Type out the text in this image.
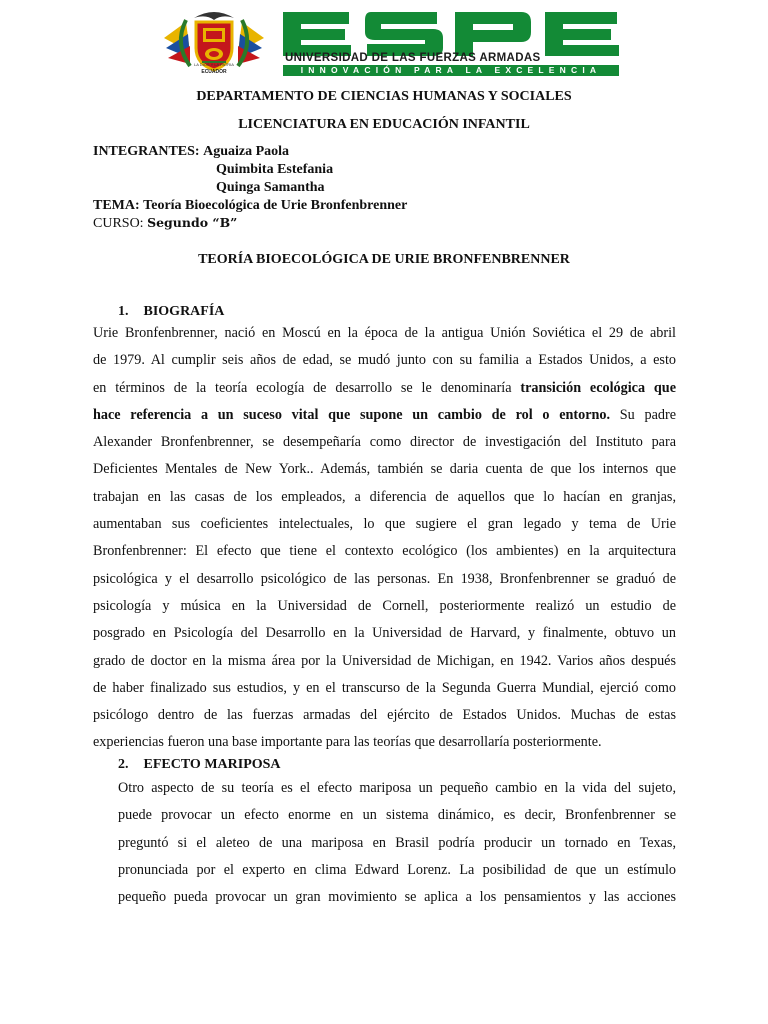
LA DIOS Y LA PATRIA
ECUADOR
UNIVERSIDAD DE LAS FUERZAS ARMADAS
INNOVACIÓN PARA LA EXCELENCIA
DEPARTAMENTO DE CIENCIAS HUMANAS Y SOCIALES
LICENCIATURA EN EDUCACIÓN INFANTIL
INTEGRANTES: Aguaiza Paola
Quimbita Estefania
Quinga Samantha
TEMA: Teoría Bioecológica de Urie Bronfenbrenner
CURSO: Segundo “B”
TEORÍA BIOECOLÓGICA DE URIE BRONFENBRENNER
1. BIOGRAFÍA
Urie Bronfenbrenner, nació en Moscú en la época de la antigua Unión Soviética el 29 de abril
de 1979. Al cumplir seis años de edad, se mudó junto con su familia a Estados Unidos, a esto
en términos de la teoría ecología de desarrollo se le denominaría transición ecológica que
hace referencia a un suceso vital que supone un cambio de rol o entorno. Su padre
Alexander Bronfenbrenner, se desempeñaría como director de investigación del Instituto para
Deficientes Mentales de New York.. Además, también se daria cuenta de que los internos que
trabajan en las casas de los empleados, a diferencia de aquellos que lo hacían en granjas,
aumentaban sus coeficientes intelectuales, lo que sugiere el gran legado y tema de Urie
Bronfenbrenner: El efecto que tiene el contexto ecológico (los ambientes) en la arquitectura
psicológica y el desarrollo psicológico de las personas. En 1938, Bronfenbrenner se graduó de
psicología y música en la Universidad de Cornell, posteriormente realizó un estudio de
posgrado en Psicología del Desarrollo en la Universidad de Harvard, y finalmente, obtuvo un
grado de doctor en la misma área por la Universidad de Michigan, en 1942. Varios años después
de haber finalizado sus estudios, y en el transcurso de la Segunda Guerra Mundial, ejerció como
psicólogo dentro de las fuerzas armadas del ejército de Estados Unidos. Muchas de estas
experiencias fueron una base importante para las teorías que desarrollaría posteriormente.
2. EFECTO MARIPOSA
Otro aspecto de su teoría es el efecto mariposa un pequeño cambio en la vida del sujeto,
puede provocar un efecto enorme en un sistema dinámico, es decir, Bronfenbrenner se
preguntó si el aleteo de una mariposa en Brasil podría producir un tornado en Texas,
pronunciada por el experto en clima Edward Lorenz. La posibilidad de que un estímulo
pequeño pueda provocar un gran movimiento se aplica a los pensamientos y las acciones
